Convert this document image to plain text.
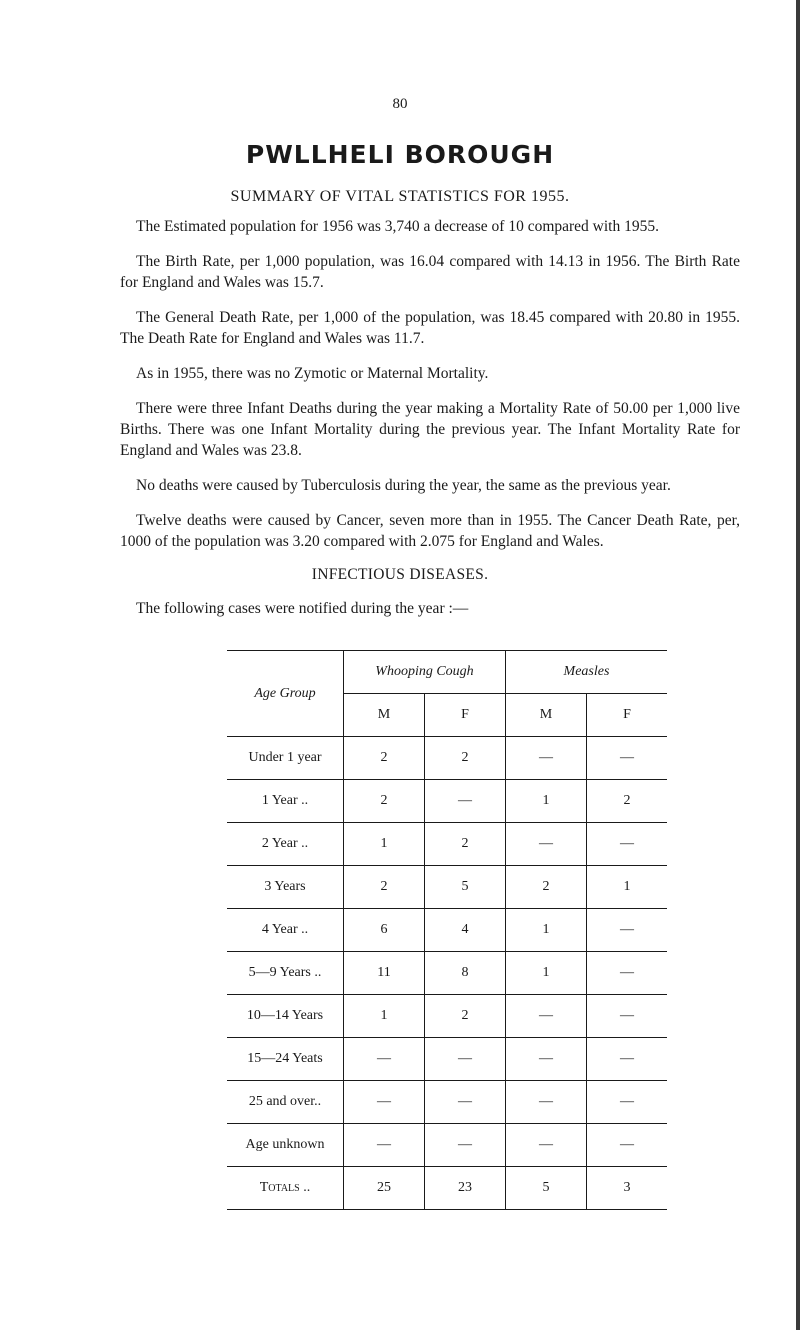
80
PWLLHELI BOROUGH
SUMMARY OF VITAL STATISTICS FOR 1955.

The Estimated population for 1956 was 3,740 a decrease of 10 compared with 1955.

The Birth Rate, per 1,000 population, was 16.04 compared with 14.13 in 1956. The Birth Rate for England and Wales was 15.7.

The General Death Rate, per 1,000 of the population, was 18.45 compared with 20.80 in 1955. The Death Rate for England and Wales was 11.7.

As in 1955, there was no Zymotic or Maternal Mortality.

There were three Infant Deaths during the year making a Mortality Rate of 50.00 per 1,000 live Births. There was one Infant Mortality during the previous year. The Infant Mortality Rate for England and Wales was 23.8.

No deaths were caused by Tuberculosis during the year, the same as the previous year.

Twelve deaths were caused by Cancer, seven more than in 1955. The Cancer Death Rate, per, 1000 of the population was 3.20 compared with 2.075 for England and Wales.

INFECTIOUS DISEASES.
The following cases were notified during the year :—
Age Group	Whooping Cough		Measles	
	M	F	M	F
Under 1 year	2	2	—	—
1 Year ..	2	—	1	2
2 Year ..	1	2	—	—
3 Years	2	5	2	1
4 Year ..	6	4	1	—
5—9 Years ..	11	8	1	—
10—14 Years	1	2	—	—
15—24 Yeats	—	—	—	—
25 and over..	—	—	—	—
Age unknown	—	—	—	—
Totals ..	25	23	5	3
